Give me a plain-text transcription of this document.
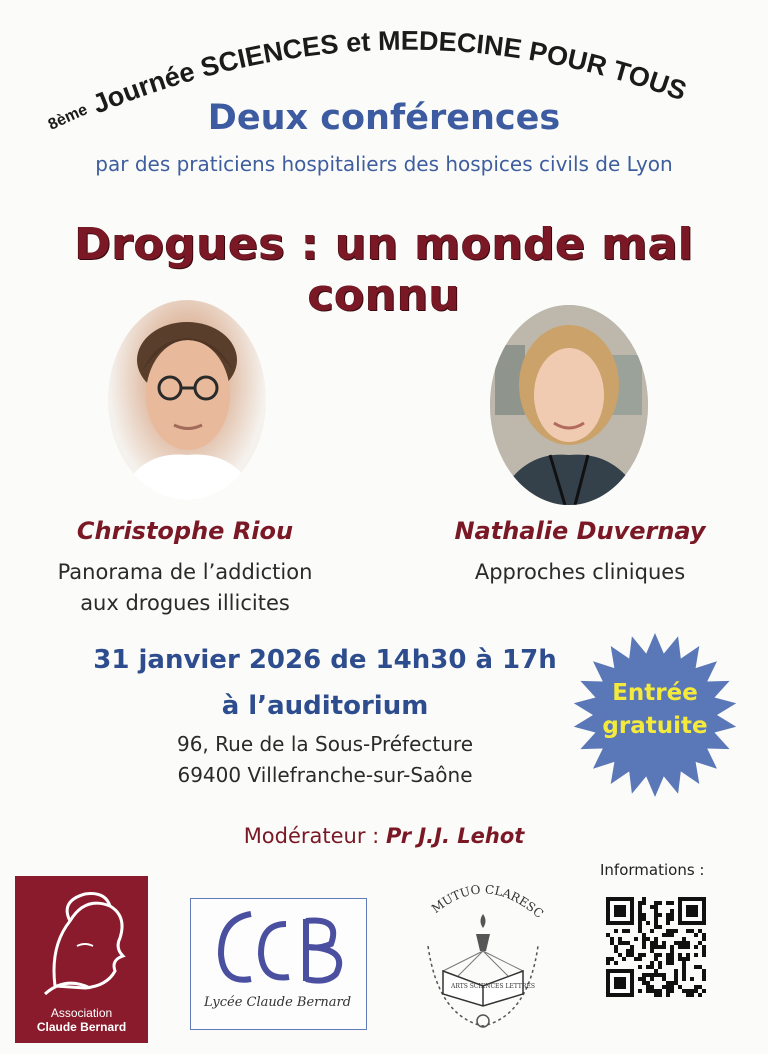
8ème Journée SCIENCES et MEDECINE POUR TOUS
Deux conférences
par des praticiens hospitaliers des hospices civils de Lyon
Drogues : un monde mal connu
Christophe Riou
Panorama de l’addiction
aux drogues illicites
Nathalie Duvernay
Approches cliniques
31 janvier 2026 de 14h30 à 17h
à l’auditorium
96, Rue de la Sous-Préfecture
69400 Villefranche-sur-Saône
Entrée
gratuite
Modérateur : Pr J.J. Lehot
Association
Claude Bernard
Lycée Claude Bernard
MUTUO CLARESC
ARTS SCIENCES LETTRES
Informations :
